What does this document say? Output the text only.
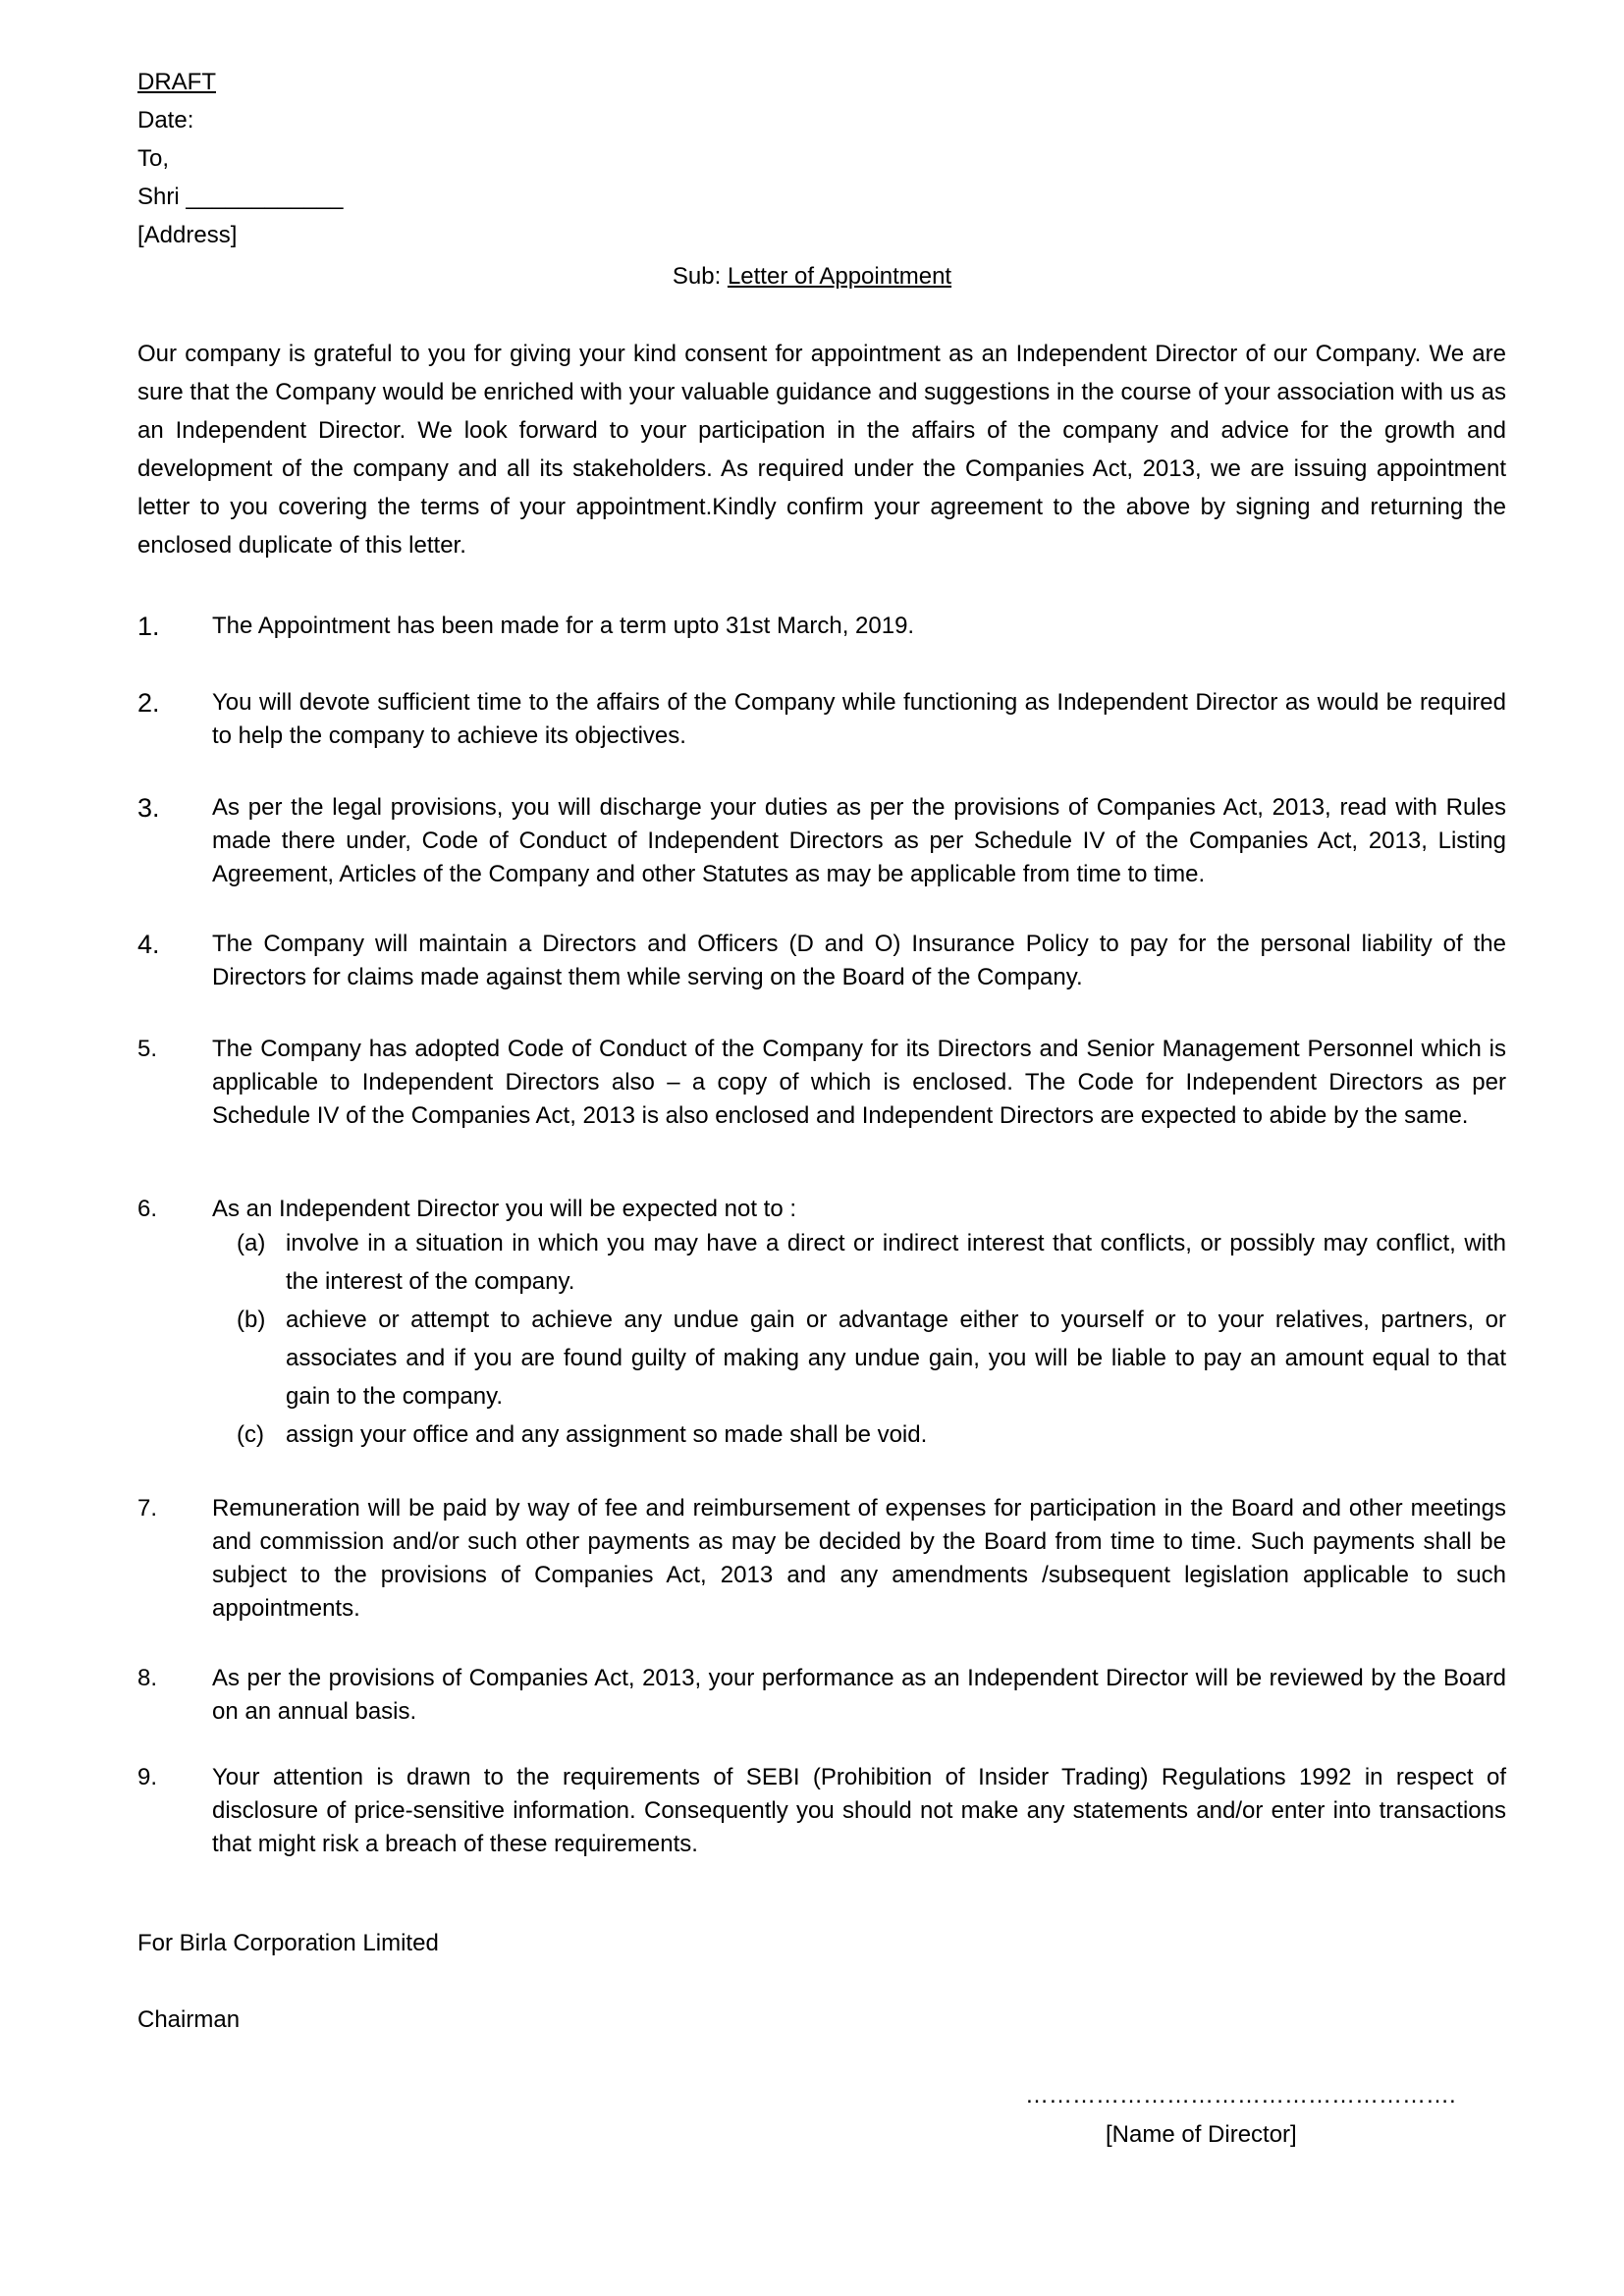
DRAFT
Date:
To,
Shri ____________
[Address]
Sub: Letter of Appointment
Our company is grateful to you for giving your kind consent for appointment as an Independent Director of our Company. We are sure that the Company would be enriched with your valuable guidance and suggestions in the course of your association with us as an Independent Director. We look forward to your participation in the affairs of the company and advice for the growth and development of the company and all its stakeholders. As required under the Companies Act, 2013, we are issuing appointment letter to you covering the terms of your appointment.Kindly confirm your agreement to the above by signing and returning the enclosed duplicate of this letter.
1.	The Appointment has been made for a term upto 31st March, 2019.
2.	You will devote sufficient time to the affairs of the Company while functioning as Independent Director as would be required to help the company to achieve its objectives.
3.	As per the legal provisions, you will discharge your duties as per the provisions of Companies Act, 2013, read with Rules made there under, Code of Conduct of Independent Directors as per Schedule IV of the Companies Act, 2013, Listing Agreement, Articles of the Company and other Statutes as may be applicable from time to time.
4.	The Company will maintain a Directors and Officers (D and O) Insurance Policy to pay for the personal liability of the Directors for claims made against them while serving on the Board of the Company.
5.	The Company has adopted Code of Conduct of the Company for its Directors and Senior Management Personnel which is applicable to Independent Directors also – a copy of which is enclosed. The Code for Independent Directors as per Schedule IV of the Companies Act, 2013 is also enclosed and Independent Directors are expected to abide by the same.
6.	As an Independent Director you will be expected not to :
(a) involve in a situation in which you may have a direct or indirect interest that conflicts, or possibly may conflict, with the interest of the company.
(b) achieve or attempt to achieve any undue gain or advantage either to yourself or to your relatives, partners, or associates and if you are found guilty of making any undue gain, you will be liable to pay an amount equal to that gain to the company.
(c) assign your office and any assignment so made shall be void.
7.	Remuneration will be paid by way of fee and reimbursement of expenses for participation in the Board and other meetings and commission and/or such other payments as may be decided by the Board from time to time. Such payments shall be subject to the provisions of Companies Act, 2013 and any amendments /subsequent legislation applicable to such appointments.
8.	As per the provisions of Companies Act, 2013, your performance as an Independent Director will be reviewed by the Board on an annual basis.
9.	Your attention is drawn to the requirements of SEBI (Prohibition of Insider Trading) Regulations 1992 in respect of disclosure of price-sensitive information. Consequently you should not make any statements and/or enter into transactions that might risk a breach of these requirements.
For Birla Corporation Limited
Chairman
……………………………………………….
[Name of Director]
